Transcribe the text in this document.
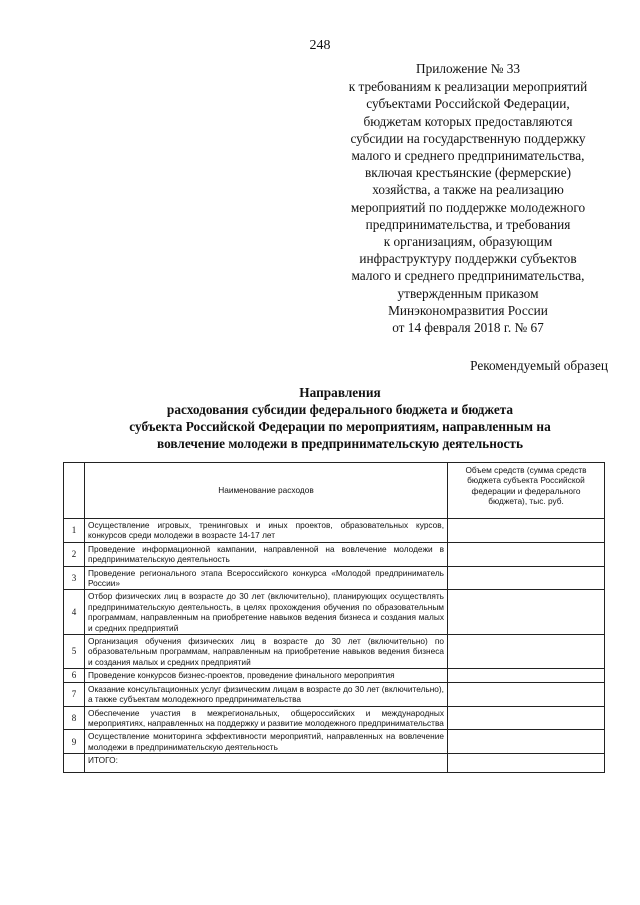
248
Приложение № 33
к требованиям к реализации мероприятий
субъектами Российской Федерации,
бюджетам которых предоставляются
субсидии на государственную поддержку
малого и среднего предпринимательства,
включая крестьянские (фермерские)
хозяйства, а также на реализацию
мероприятий по поддержке молодежного
предпринимательства, и требования
к организациям, образующим
инфраструктуру поддержки субъектов
малого и среднего предпринимательства,
утвержденным приказом
Минэкономразвития России
от 14 февраля 2018 г. № 67
Рекомендуемый образец
Направления
расходования субсидии федерального бюджета и бюджета
субъекта Российской Федерации по мероприятиям, направленным на
вовлечение молодежи в предпринимательскую деятельность
	Наименование расходов	Объем средств (сумма средств бюджета субъекта Российской федерации и федерального бюджета), тыс. руб.
1	Осуществление игровых, тренинговых и иных проектов, образовательных курсов, конкурсов среди молодежи в возрасте 14-17 лет	
2	Проведение информационной кампании, направленной на вовлечение молодежи в предпринимательскую деятельность	
3	Проведение регионального этапа Всероссийского конкурса «Молодой предприниматель России»	
4	Отбор физических лиц в возрасте до 30 лет (включительно), планирующих осуществлять предпринимательскую деятельность, в целях прохождения обучения по образовательным программам, направленным на приобретение навыков ведения бизнеса и создания малых и средних предприятий	
5	Организация обучения физических лиц в возрасте до 30 лет (включительно) по образовательным программам, направленным на приобретение навыков ведения бизнеса и создания малых и средних предприятий	
6	Проведение конкурсов бизнес-проектов, проведение финального мероприятия	
7	Оказание консультационных услуг физическим лицам в возрасте до 30 лет (включительно), а также субъектам молодежного предпринимательства	
8	Обеспечение участия в межрегиональных, общероссийских и международных мероприятиях, направленных на поддержку и развитие молодежного предпринимательства	
9	Осуществление мониторинга эффективности мероприятий, направленных на вовлечение молодежи в предпринимательскую деятельность	
	ИТОГО:	
